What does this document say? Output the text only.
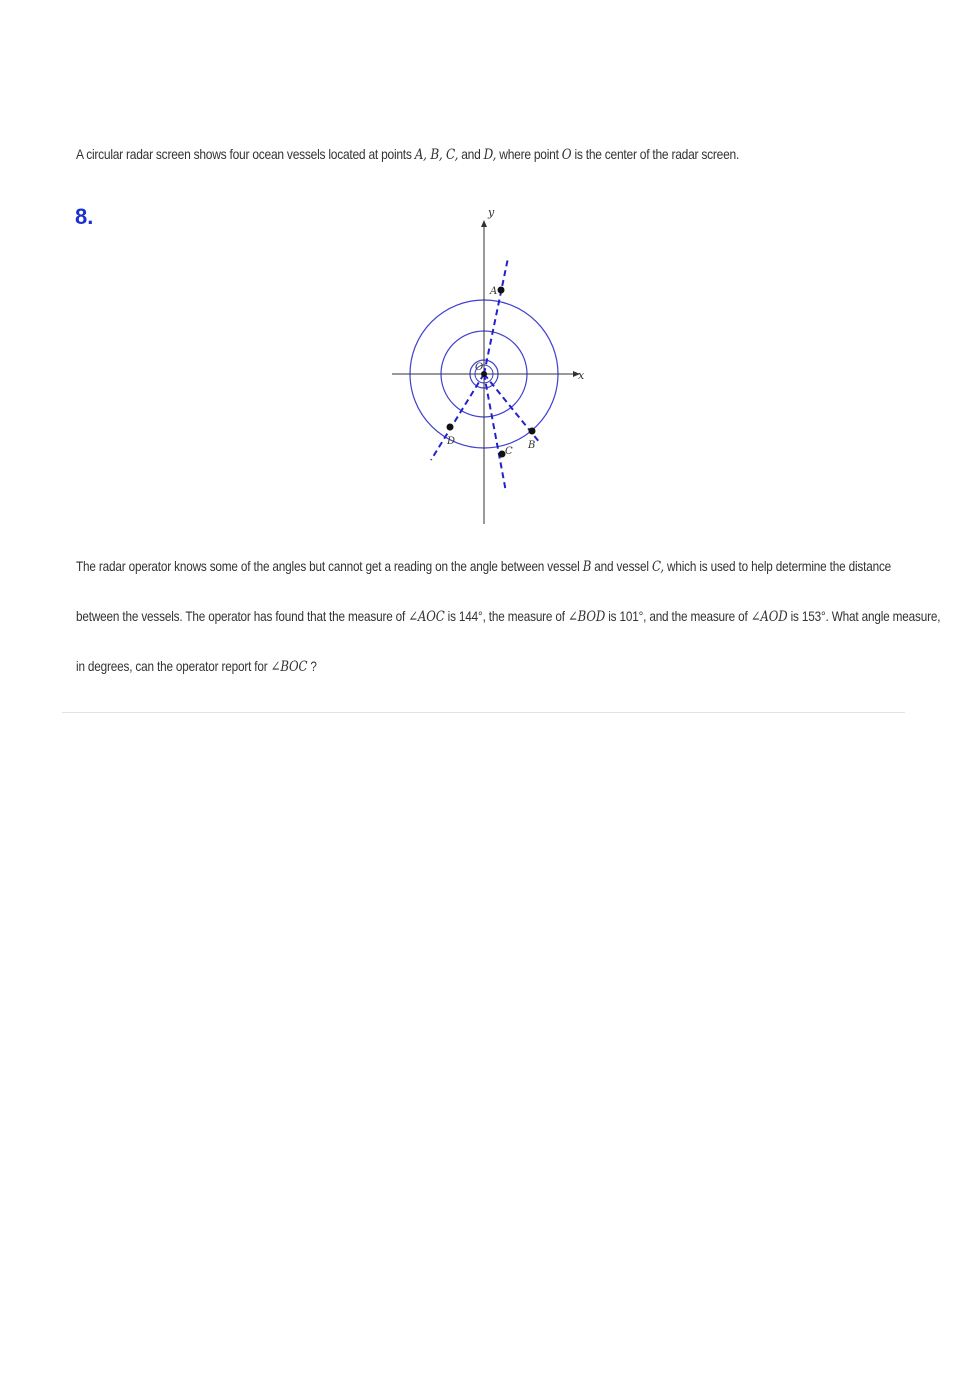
A circular radar screen shows four ocean vessels located at points A, B, C, and D, where point O is the center of the radar screen.
8.	y
x
O
A
B
C
D
The radar operator knows some of the angles but cannot get a reading on the angle between vessel B and vessel C, which is used to help determine the distance
between the vessels. The operator has found that the measure of ∠AOC is 144°, the measure of ∠BOD is 101°, and the measure of ∠AOD is 153°. What angle measure,
in degrees, can the operator report for ∠BOC ?
